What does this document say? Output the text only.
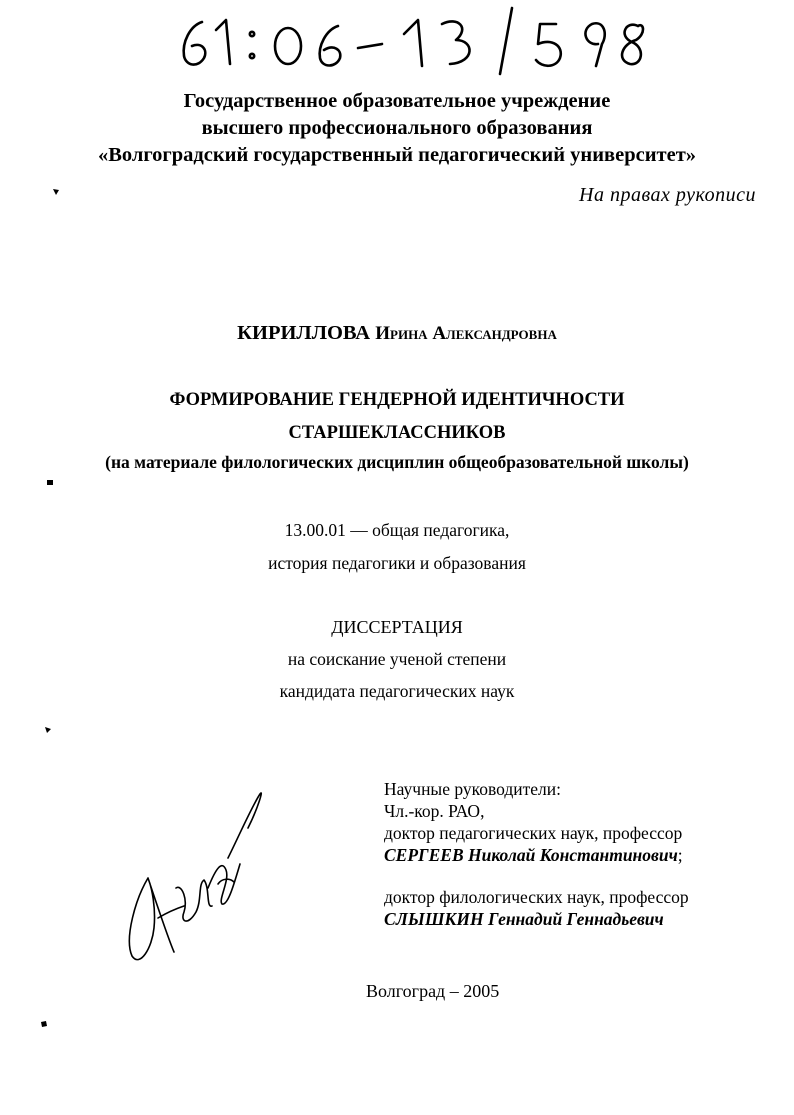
Государственное образовательное учреждение
высшего профессионального образования
«Волгоградский государственный педагогический университет»
На правах рукописи
КИРИЛЛОВА Ирина Александровна
ФОРМИРОВАНИЕ ГЕНДЕРНОЙ ИДЕНТИЧНОСТИ
СТАРШЕКЛАССНИКОВ
(на материале филологических дисциплин общеобразовательной школы)
13.00.01 — общая педагогика,
история педагогики и образования
ДИССЕРТАЦИЯ
на соискание ученой степени
кандидата педагогических наук
Научные руководители:
Чл.-кор. РАО,
доктор педагогических наук, профессор
СЕРГЕЕВ Николай Константинович;
доктор филологических наук, профессор
СЛЫШКИН Геннадий Геннадьевич
Волгоград – 2005
